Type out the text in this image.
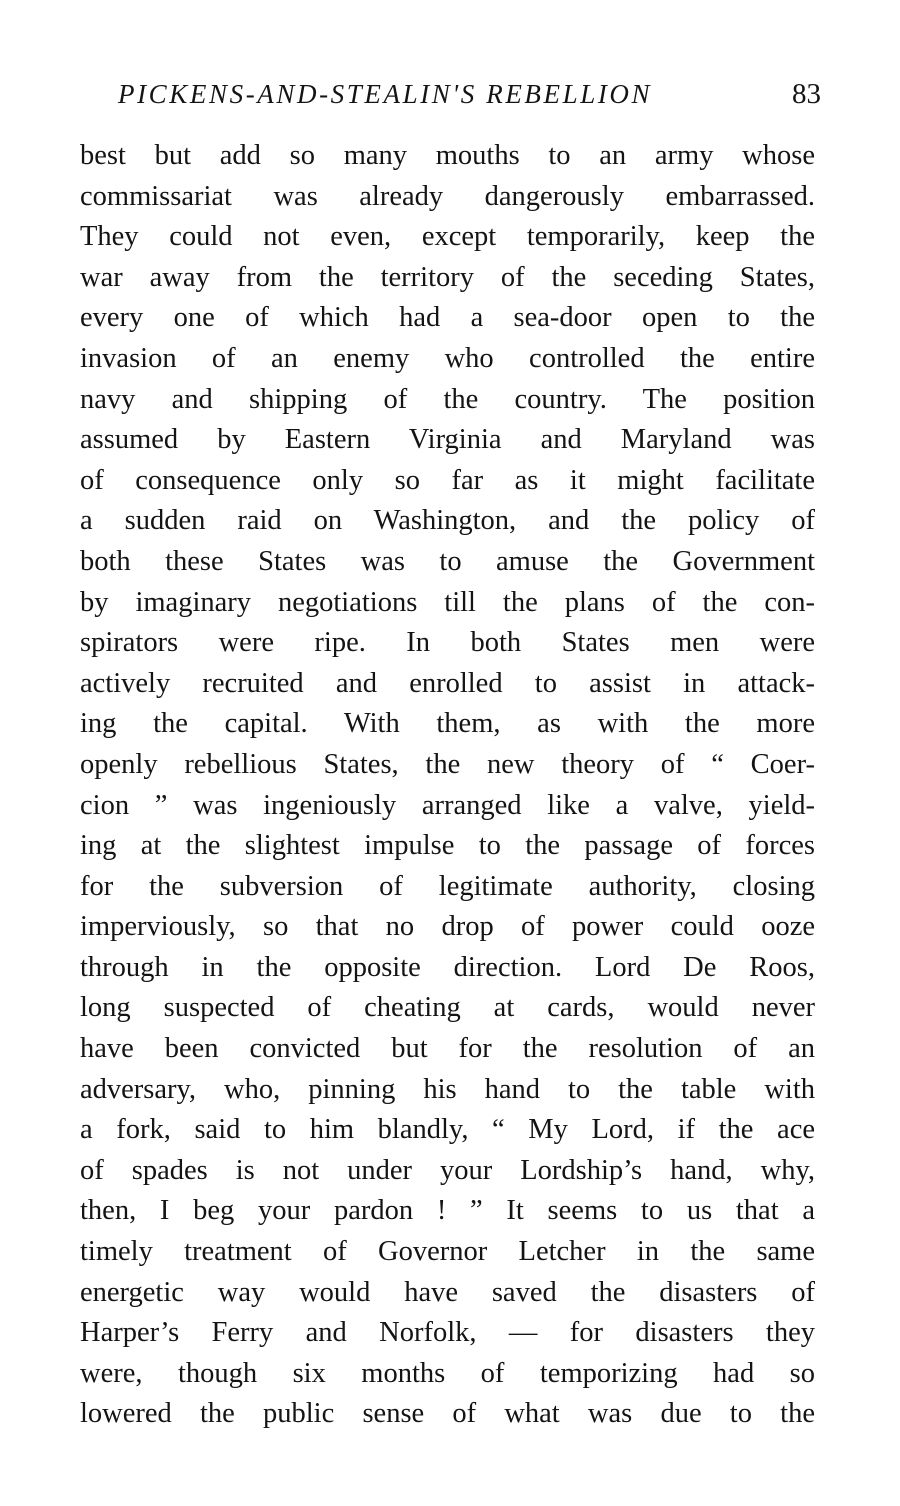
PICKENS-AND-STEALIN'S REBELLION	83
best but add so many mouths to an army whose
commissariat was already dangerously embarrassed.
They could not even, except temporarily, keep the
war away from the territory of the seceding States,
every one of which had a sea-door open to the
invasion of an enemy who controlled the entire
navy and shipping of the country. The position
assumed by Eastern Virginia and Maryland was
of consequence only so far as it might facilitate
a sudden raid on Washington, and the policy of
both these States was to amuse the Government
by imaginary negotiations till the plans of the con-
spirators were ripe. In both States men were
actively recruited and enrolled to assist in attack-
ing the capital. With them, as with the more
openly rebellious States, the new theory of “ Coer-
cion ” was ingeniously arranged like a valve, yield-
ing at the slightest impulse to the passage of forces
for the subversion of legitimate authority, closing
imperviously, so that no drop of power could ooze
through in the opposite direction. Lord De Roos,
long suspected of cheating at cards, would never
have been convicted but for the resolution of an
adversary, who, pinning his hand to the table with
a fork, said to him blandly, “ My Lord, if the ace
of spades is not under your Lordship’s hand, why,
then, I beg your pardon ! ” It seems to us that a
timely treatment of Governor Letcher in the same
energetic way would have saved the disasters of
Harper’s Ferry and Norfolk, — for disasters they
were, though six months of temporizing had so
lowered the public sense of what was due to the
